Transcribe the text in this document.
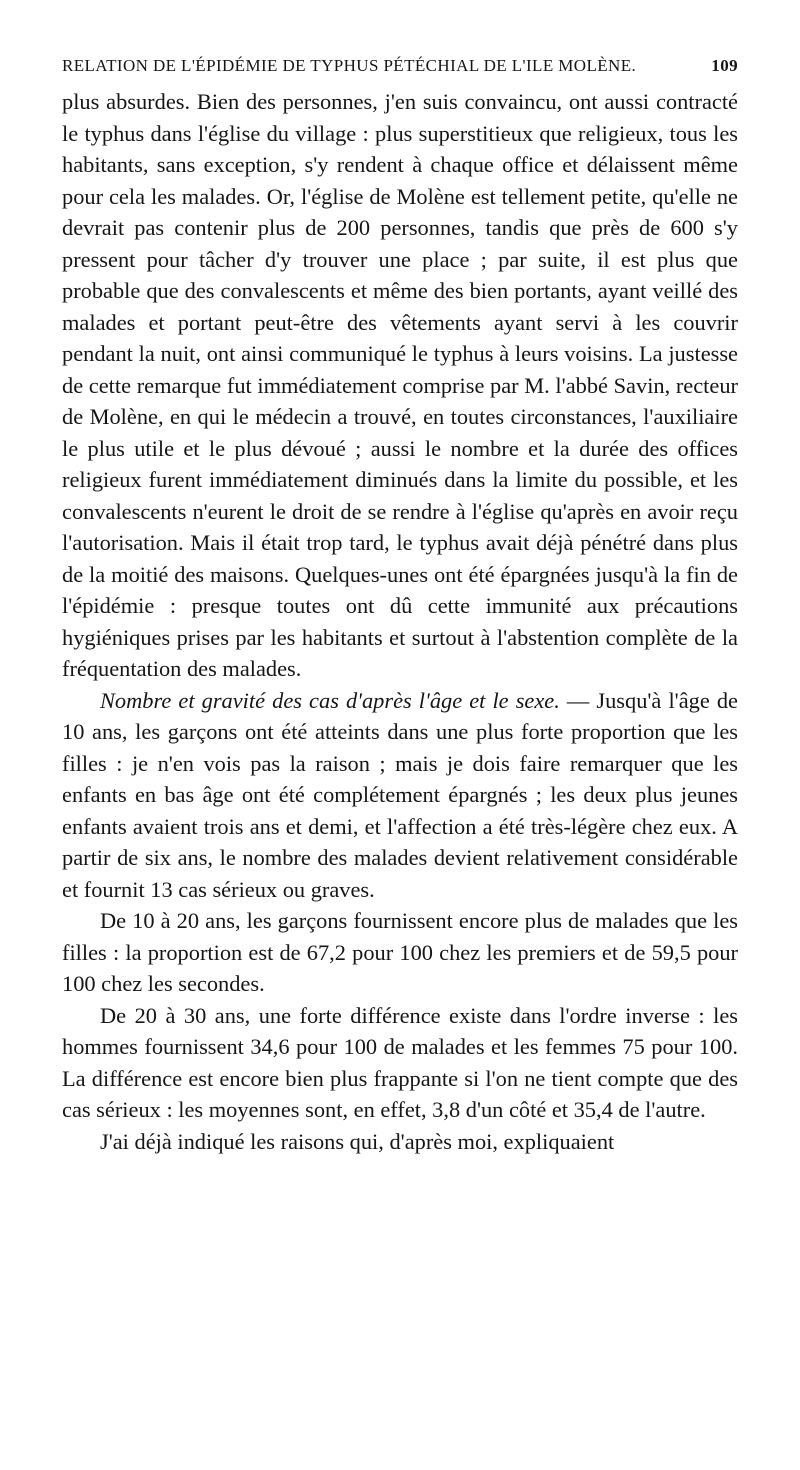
RELATION DE L'ÉPIDÉMIE DE TYPHUS PÉTÉCHIAL DE L'ILE MOLÈNE.	109

plus absurdes. Bien des personnes, j'en suis convaincu, ont aussi contracté le typhus dans l'église du village : plus superstitieux que religieux, tous les habitants, sans exception, s'y rendent à chaque office et délaissent même pour cela les malades. Or, l'église de Molène est tellement petite, qu'elle ne devrait pas contenir plus de 200 personnes, tandis que près de 600 s'y pressent pour tâcher d'y trouver une place ; par suite, il est plus que probable que des convalescents et même des bien portants, ayant veillé des malades et portant peut-être des vêtements ayant servi à les couvrir pendant la nuit, ont ainsi communiqué le typhus à leurs voisins. La justesse de cette remarque fut immédiatement comprise par M. l'abbé Savin, recteur de Molène, en qui le médecin a trouvé, en toutes circonstances, l'auxiliaire le plus utile et le plus dévoué ; aussi le nombre et la durée des offices religieux furent immédiatement diminués dans la limite du possible, et les convalescents n'eurent le droit de se rendre à l'église qu'après en avoir reçu l'autorisation. Mais il était trop tard, le typhus avait déjà pénétré dans plus de la moitié des maisons. Quelques-unes ont été épargnées jusqu'à la fin de l'épidémie : presque toutes ont dû cette immunité aux précautions hygiéniques prises par les habitants et surtout à l'abstention complète de la fréquentation des malades.

Nombre et gravité des cas d'après l'âge et le sexe. — Jusqu'à l'âge de 10 ans, les garçons ont été atteints dans une plus forte proportion que les filles : je n'en vois pas la raison ; mais je dois faire remarquer que les enfants en bas âge ont été complétement épargnés ; les deux plus jeunes enfants avaient trois ans et demi, et l'affection a été très-légère chez eux. A partir de six ans, le nombre des malades devient relativement considérable et fournit 13 cas sérieux ou graves.

De 10 à 20 ans, les garçons fournissent encore plus de malades que les filles : la proportion est de 67,2 pour 100 chez les premiers et de 59,5 pour 100 chez les secondes.

De 20 à 30 ans, une forte différence existe dans l'ordre inverse : les hommes fournissent 34,6 pour 100 de malades et les femmes 75 pour 100. La différence est encore bien plus frappante si l'on ne tient compte que des cas sérieux : les moyennes sont, en effet, 3,8 d'un côté et 35,4 de l'autre.

J'ai déjà indiqué les raisons qui, d'après moi, expliquaient
